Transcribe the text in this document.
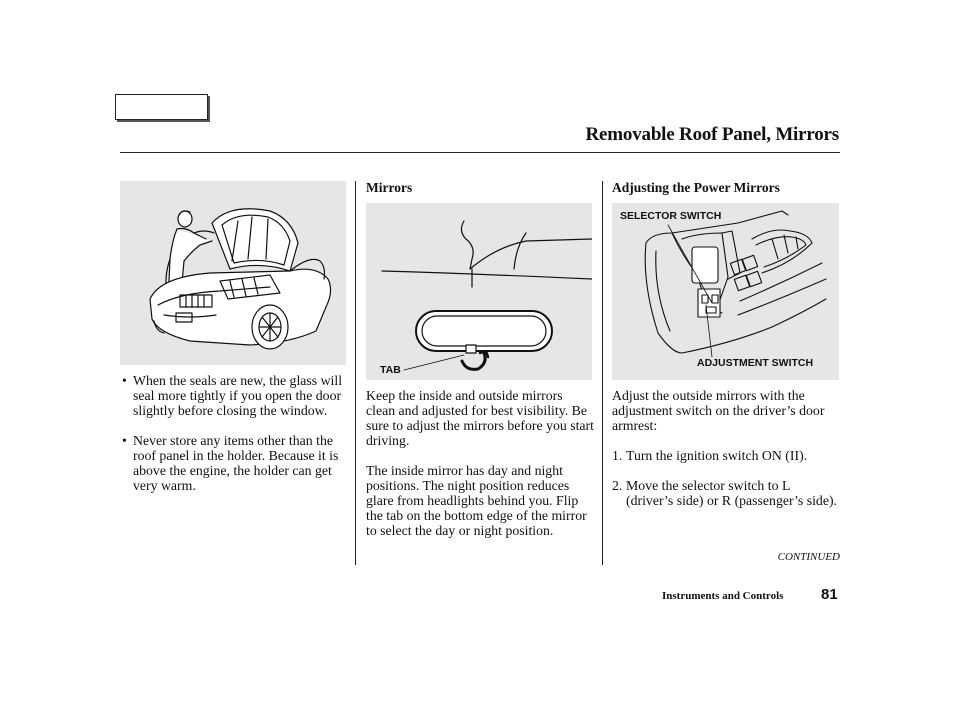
Removable Roof Panel, Mirrors

• When the seals are new, the glass will seal more tightly if you open the door slightly before closing the window.

• Never store any items other than the roof panel in the holder. Because it is above the engine, the holder can get very warm.

Mirrors
TAB

Keep the inside and outside mirrors clean and adjusted for best visibility. Be sure to adjust the mirrors before you start driving.

The inside mirror has day and night positions. The night position reduces glare from headlights behind you. Flip the tab on the bottom edge of the mirror to select the day or night position.

Adjusting the Power Mirrors
SELECTOR SWITCH
ADJUSTMENT SWITCH

Adjust the outside mirrors with the adjustment switch on the driver’s door armrest:

1. Turn the ignition switch ON (II).

2. Move the selector switch to L (driver’s side) or R (passenger’s side).

CONTINUED
Instruments and Controls	81
